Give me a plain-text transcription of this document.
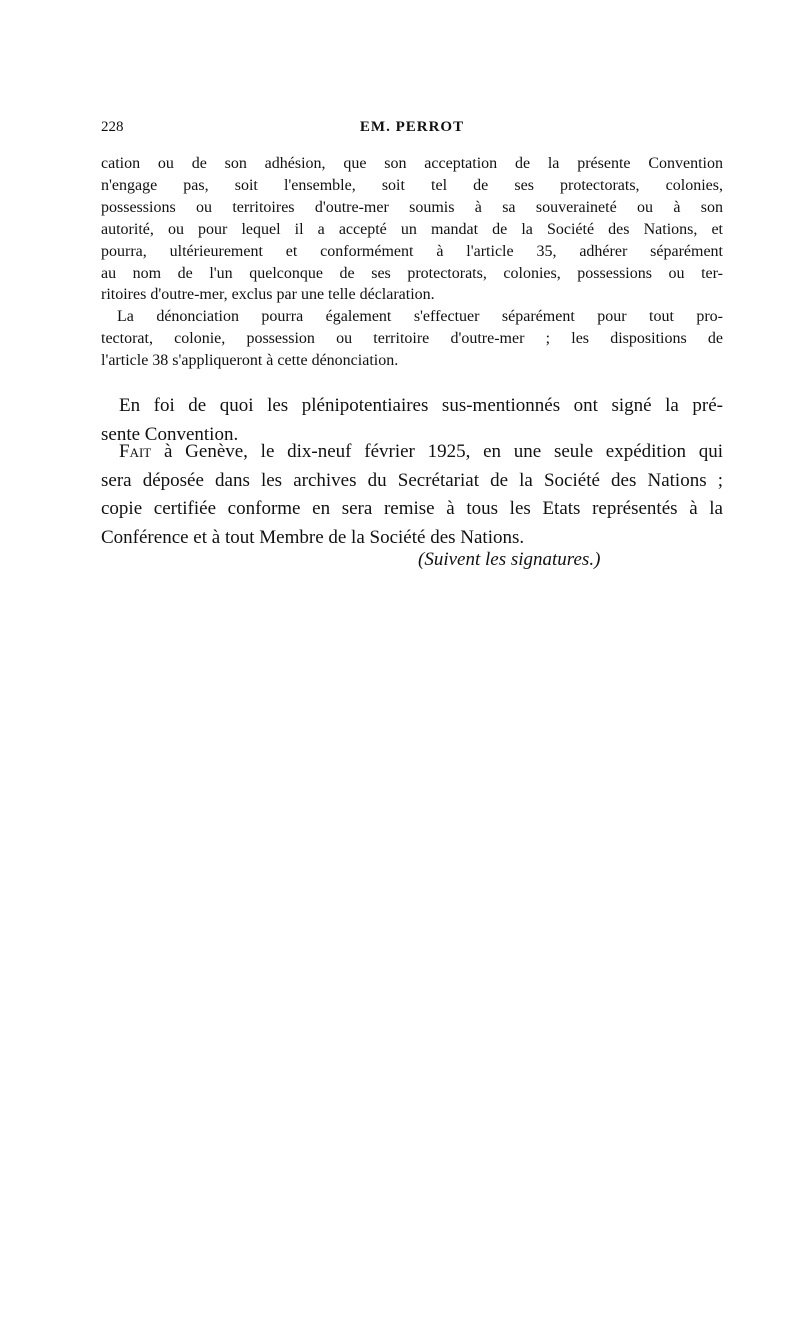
228	EM. PERROT
cation ou de son adhésion, que son acceptation de la présente Convention
n'engage pas, soit l'ensemble, soit tel de ses protectorats, colonies,
possessions ou territoires d'outre-mer soumis à sa souveraineté ou à son
autorité, ou pour lequel il a accepté un mandat de la Société des Nations, et
pourra, ultérieurement et conformément à l'article 35, adhérer séparément
au nom de l'un quelconque de ses protectorats, colonies, possessions ou ter-
ritoires d'outre-mer, exclus par une telle déclaration.
La dénonciation pourra également s'effectuer séparément pour tout pro-
tectorat, colonie, possession ou territoire d'outre-mer ; les dispositions de
l'article 38 s'appliqueront à cette dénonciation.
En foi de quoi les plénipotentiaires sus-mentionnés ont signé la pré-
sente Convention.
Fait à Genève, le dix-neuf février 1925, en une seule expédition qui
sera déposée dans les archives du Secrétariat de la Société des Nations ;
copie certifiée conforme en sera remise à tous les Etats représentés à la
Conférence et à tout Membre de la Société des Nations.
(Suivent les signatures.)
